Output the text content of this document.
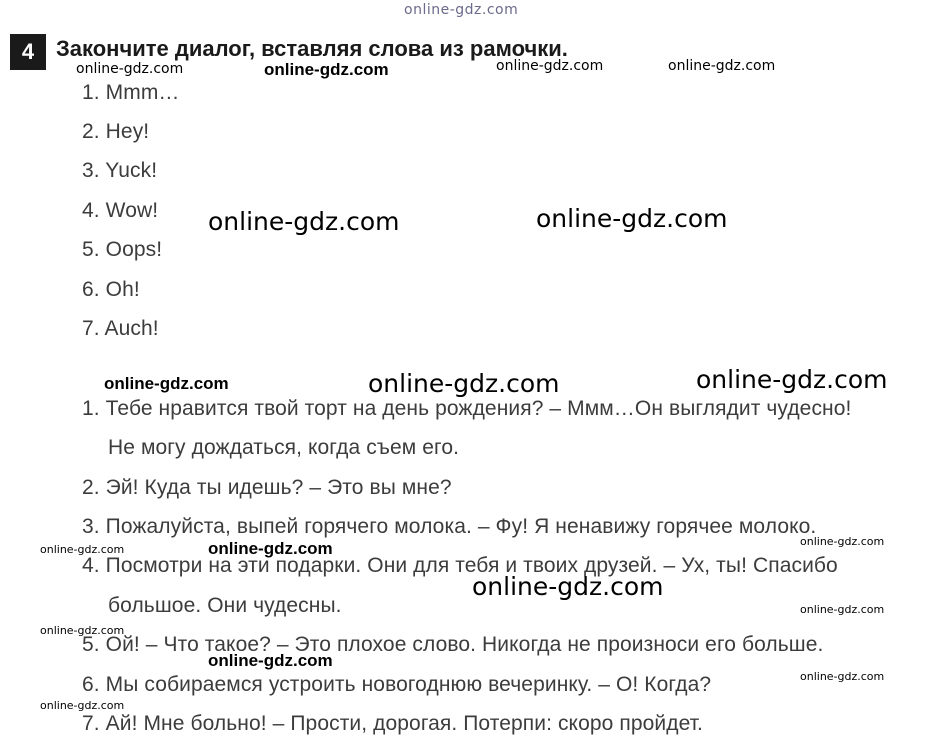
online-gdz.com
4 Закончите диалог, вставляя слова из рамочки.
1. Mmm…
2. Hey!
3. Yuck!
4. Wow!
5. Oops!
6. Oh!
7. Auch!
1. Тебе нравится твой торт на день рождения? – Ммм…Он выглядит чудесно!
Не могу дождаться, когда съем его.
2. Эй! Куда ты идешь? – Это вы мне?
3. Пожалуйста, выпей горячего молока. – Фу! Я ненавижу горячее молоко.
4. Посмотри на эти подарки. Они для тебя и твоих друзей. – Ух, ты! Спасибо
большое. Они чудесны.
5. Ой! – Что такое? – Это плохое слово. Никогда не произноси его больше.
6. Мы собираемся устроить новогоднюю вечеринку. – О! Когда?
7. Ай! Мне больно! – Прости, дорогая. Потерпи: скоро пройдет.
online-gdz.com	online-gdz.com	online-gdz.com	online-gdz.com
online-gdz.com	online-gdz.com
online-gdz.com	online-gdz.com	online-gdz.com
online-gdz.com	online-gdz.com	online-gdz.com
online-gdz.com
online-gdz.com
online-gdz.com
online-gdz.com
online-gdz.com
online-gdz.com
